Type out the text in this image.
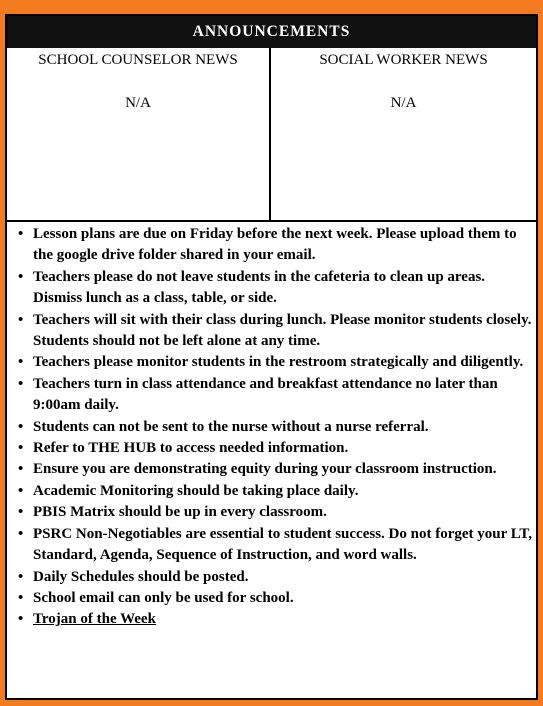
ANNOUNCEMENTS
SCHOOL COUNSELOR NEWS
N/A
SOCIAL WORKER NEWS
N/A
• Lesson plans are due on Friday before the next week. Please upload them to the google drive folder shared in your email.
• Teachers please do not leave students in the cafeteria to clean up areas. Dismiss lunch as a class, table, or side.
• Teachers will sit with their class during lunch. Please monitor students closely. Students should not be left alone at any time.
• Teachers please monitor students in the restroom strategically and diligently.
• Teachers turn in class attendance and breakfast attendance no later than 9:00am daily.
• Students can not be sent to the nurse without a nurse referral.
• Refer to THE HUB to access needed information.
• Ensure you are demonstrating equity during your classroom instruction.
• Academic Monitoring should be taking place daily.
• PBIS Matrix should be up in every classroom.
• PSRC Non-Negotiables are essential to student success. Do not forget your LT, Standard, Agenda, Sequence of Instruction, and word walls.
• Daily Schedules should be posted.
• School email can only be used for school.
• Trojan of the Week
